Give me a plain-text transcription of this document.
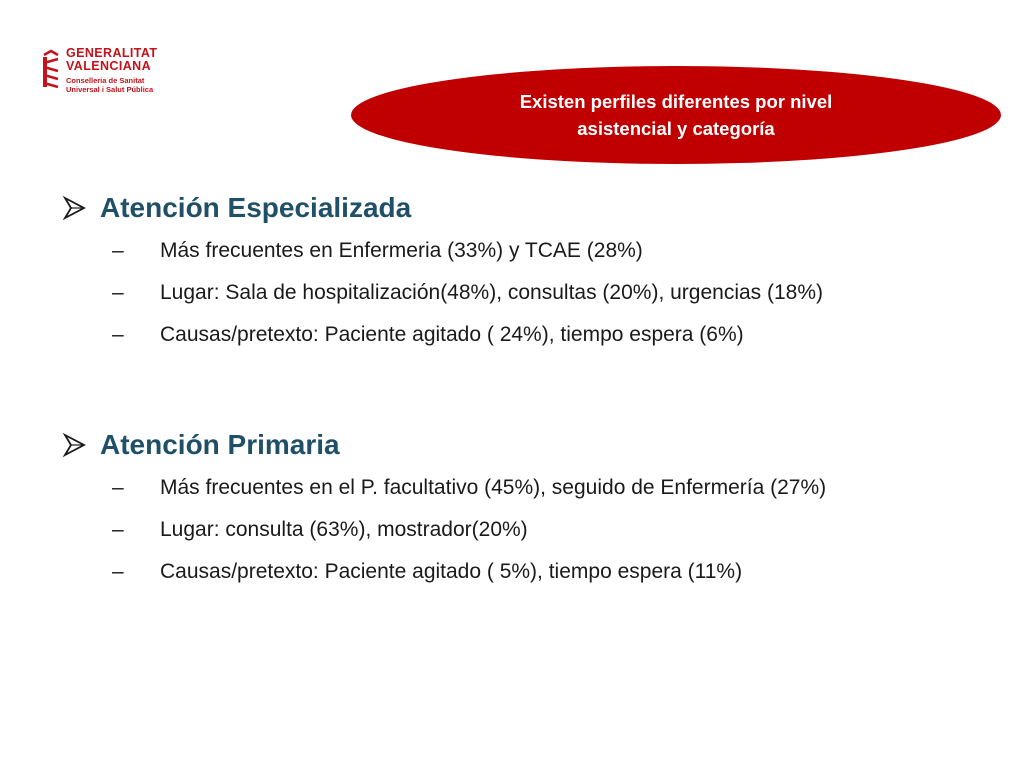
GENERALITAT
VALENCIANA
Conselleria de Sanitat
Universal i Salut Pública
Existen perfiles diferentes por nivel
asistencial y categoría
Atención Especializada
–	Más frecuentes en Enfermeria (33%) y TCAE (28%)
–	Lugar: Sala de hospitalización(48%), consultas (20%), urgencias (18%)
–	Causas/pretexto: Paciente agitado ( 24%), tiempo espera (6%)
Atención Primaria
–	Más frecuentes en el P. facultativo (45%), seguido de Enfermería (27%)
–	Lugar: consulta (63%), mostrador(20%)
–	Causas/pretexto: Paciente agitado ( 5%), tiempo espera (11%)
